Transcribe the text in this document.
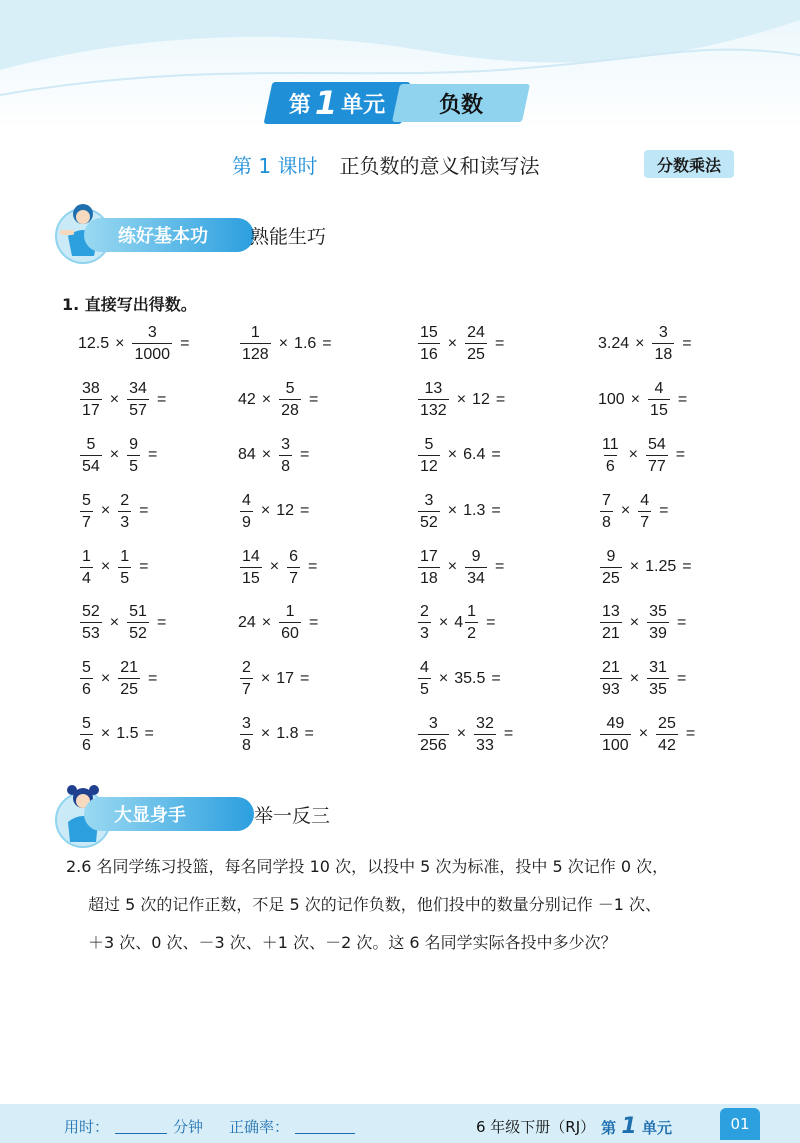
第 1 单元	负数
第 1 课时 正负数的意义和读写法	分数乘法
练好基本功 熟能生巧
1. 直接写出得数。
$12.5 \times \frac{3}{1000}$ =	$\frac{1}{128} \times 1.6$ =	$\frac{15}{16} \times \frac{24}{25}$ =	$3.24 \times \frac{3}{18}$ =
$\frac{38}{17} \times \frac{34}{57}$ =	$42 \times \frac{5}{28}$ =	$\frac{13}{132} \times 12$ =	$100 \times \frac{4}{15}$ =
$\frac{5}{54} \times \frac{9}{5}$ =	$84 \times \frac{3}{8}$ =	$\frac{5}{12} \times 6.4$ =	$\frac{11}{6} \times \frac{54}{77}$ =
$\frac{5}{7} \times \frac{2}{3}$ =	$\frac{4}{9} \times 12$ =	$\frac{3}{52} \times 1.3$ =	$\frac{7}{8} \times \frac{4}{7}$ =
$\frac{1}{4} \times \frac{1}{5}$ =	$\frac{14}{15} \times \frac{6}{7}$ =	$\frac{17}{18} \times \frac{9}{34}$ =	$\frac{9}{25} \times 1.25$ =
$\frac{52}{53} \times \frac{51}{52}$ =	$24 \times \frac{1}{60}$ =	$\frac{2}{3} \times 4 \frac{1}{2}$ =	$\frac{13}{21} \times \frac{35}{39}$ =
$\frac{5}{6} \times \frac{21}{25}$ =	$\frac{2}{7} \times 17$ =	$\frac{4}{5} \times 35.5$ =	$\frac{21}{93} \times \frac{31}{35}$ =
$\frac{5}{6} \times 1.5$ =	$\frac{3}{8} \times 1.8$ =	$\frac{3}{256} \times \frac{32}{33}$ =	$\frac{49}{100} \times \frac{25}{42}$ =
大显身手	举一反三

2.6 名同学练习投篮，每名同学投 10 次，以投中 5 次为标准，投中 5 次记作 0 次，

超过 5 次的记作正数，不足 5 次的记作负数，他们投中的数量分别记作 －1 次、

＋3 次、0 次、－3 次、＋1 次、－2 次。这 6 名同学实际各投中多少次？

用时：	分钟 正确率：	6 年级下册（RJ） 第 1 单元	01
